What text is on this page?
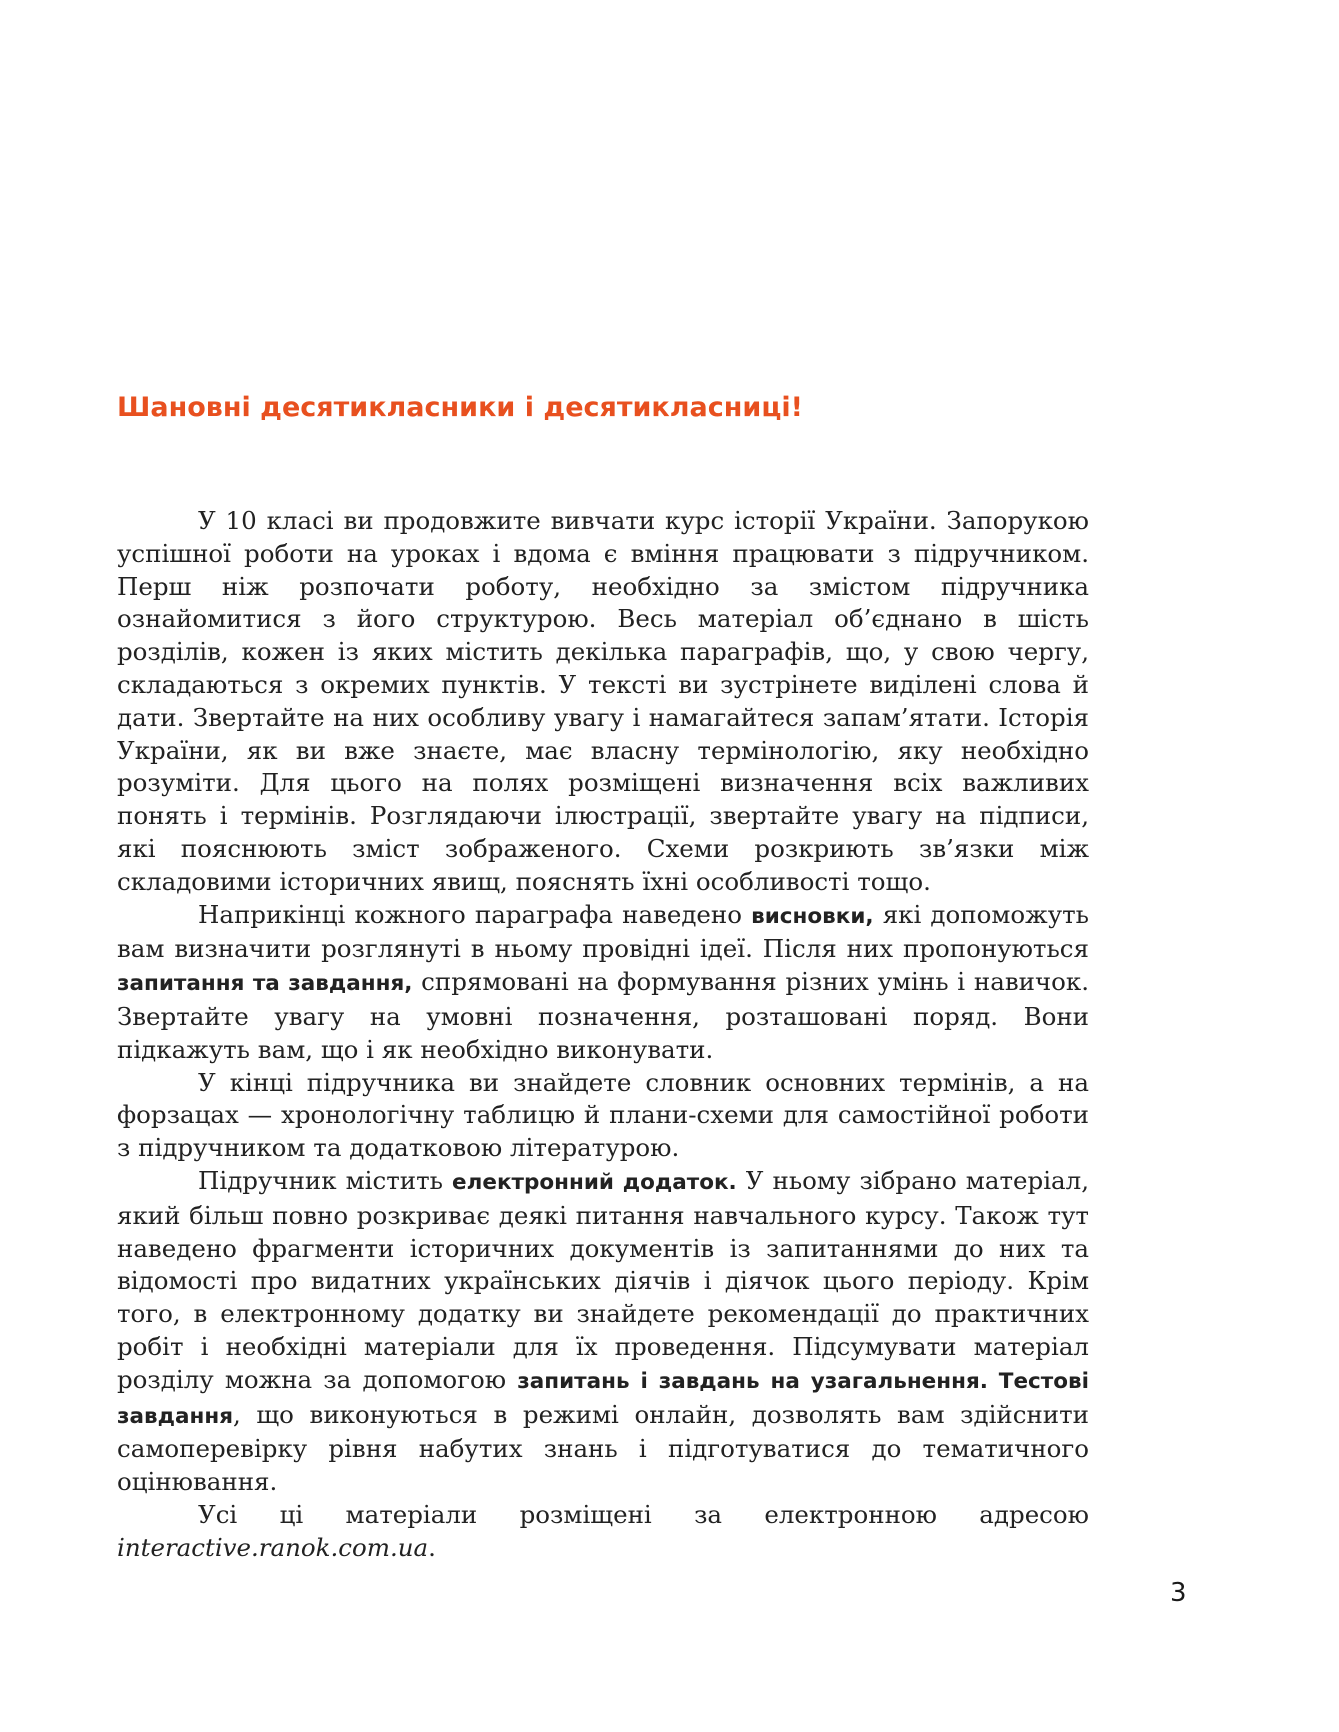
Шановні десятикласники і десятикласниці!

У 10 класі ви продовжите вивчати курс історії України. Запорукою успішної роботи на уроках і вдома є вміння працювати з підручником. Перш ніж розпочати роботу, необхідно за змістом підручника ознайомитися з його структурою. Весь матеріал об’єднано в шість розділів, кожен із яких містить декілька параграфів, що, у свою чергу, складаються з окремих пунктів. У тексті ви зустрінете виділені слова й дати. Звертайте на них особливу увагу і намагайтеся запам’ятати. Історія України, як ви вже знаєте, має власну термінологію, яку необхідно розуміти. Для цього на полях розміщені визначення всіх важливих понять і термінів. Розглядаючи ілюстрації, звертайте увагу на підписи, які пояснюють зміст зображеного. Схеми розкриють зв’язки між складовими історичних явищ, пояснять їхні особливості тощо.

Наприкінці кожного параграфа наведено висновки, які допоможуть вам визначити розглянуті в ньому провідні ідеї. Після них пропонуються запитання та завдання, спрямовані на формування різних умінь і навичок. Звертайте увагу на умовні позначення, розташовані поряд. Вони підкажуть вам, що і як необхідно виконувати.

У кінці підручника ви знайдете словник основних термінів, а на форзацах — хронологічну таблицю й плани-схеми для самостійної роботи з підручником та додатковою літературою.

Підручник містить електронний додаток. У ньому зібрано матеріал, який більш повно розкриває деякі питання навчального курсу. Також тут наведено фрагменти історичних документів із запитаннями до них та відомості про видатних українських діячів і діячок цього періоду. Крім того, в електронному додатку ви знайдете рекомендації до практичних робіт і необхідні матеріали для їх проведення. Підсумувати матеріал розділу можна за допомогою запитань і завдань на узагальнення. Тестові завдання, що виконуються в режимі онлайн, дозволять вам здійснити самоперевірку рівня набутих знань і підготуватися до тематичного оцінювання.

Усі ці матеріали розміщені за електронною адресою interactive.ranok.com.ua.

3
